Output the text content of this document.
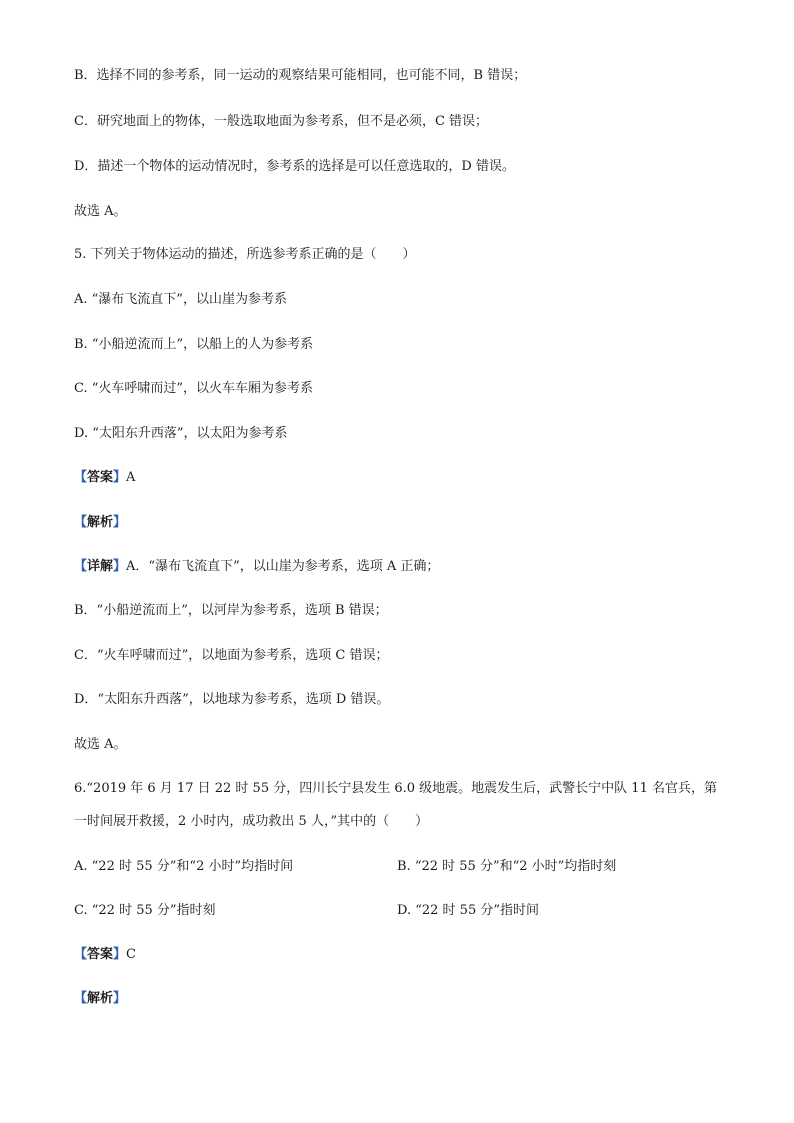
B．选择不同的参考系，同一运动的观察结果可能相同，也可能不同，B 错误；
C．研究地面上的物体，一般选取地面为参考系，但不是必须，C 错误；
D．描述一个物体的运动情况时，参考系的选择是可以任意选取的，D 错误。
故选 A。
5. 下列关于物体运动的描述，所选参考系正确的是（　　）
A. “瀑布飞流直下”，以山崖为参考系
B. “小船逆流而上”，以船上的人为参考系
C. “火车呼啸而过”，以火车车厢为参考系
D. “太阳东升西落”，以太阳为参考系
【答案】A
【解析】
【详解】A．“瀑布飞流直下”，以山崖为参考系，选项 A 正确；
B．“小船逆流而上”，以河岸为参考系，选项 B 错误；
C．“火车呼啸而过”，以地面为参考系，选项 C 错误；
D．“太阳东升西落”，以地球为参考系，选项 D 错误。
故选 A。
6.“2019 年 6 月 17 日 22 时 55 分，四川长宁县发生 6.0 级地震。地震发生后，武警长宁中队 11 名官兵，第
一时间展开救援，2 小时内，成功救出 5 人，”其中的（　　）
A. “22 时 55 分”和“2 小时”均指时间	B. “22 时 55 分”和“2 小时”均指时刻
C. “22 时 55 分”指时刻	D. “22 时 55 分”指时间
【答案】C
【解析】
